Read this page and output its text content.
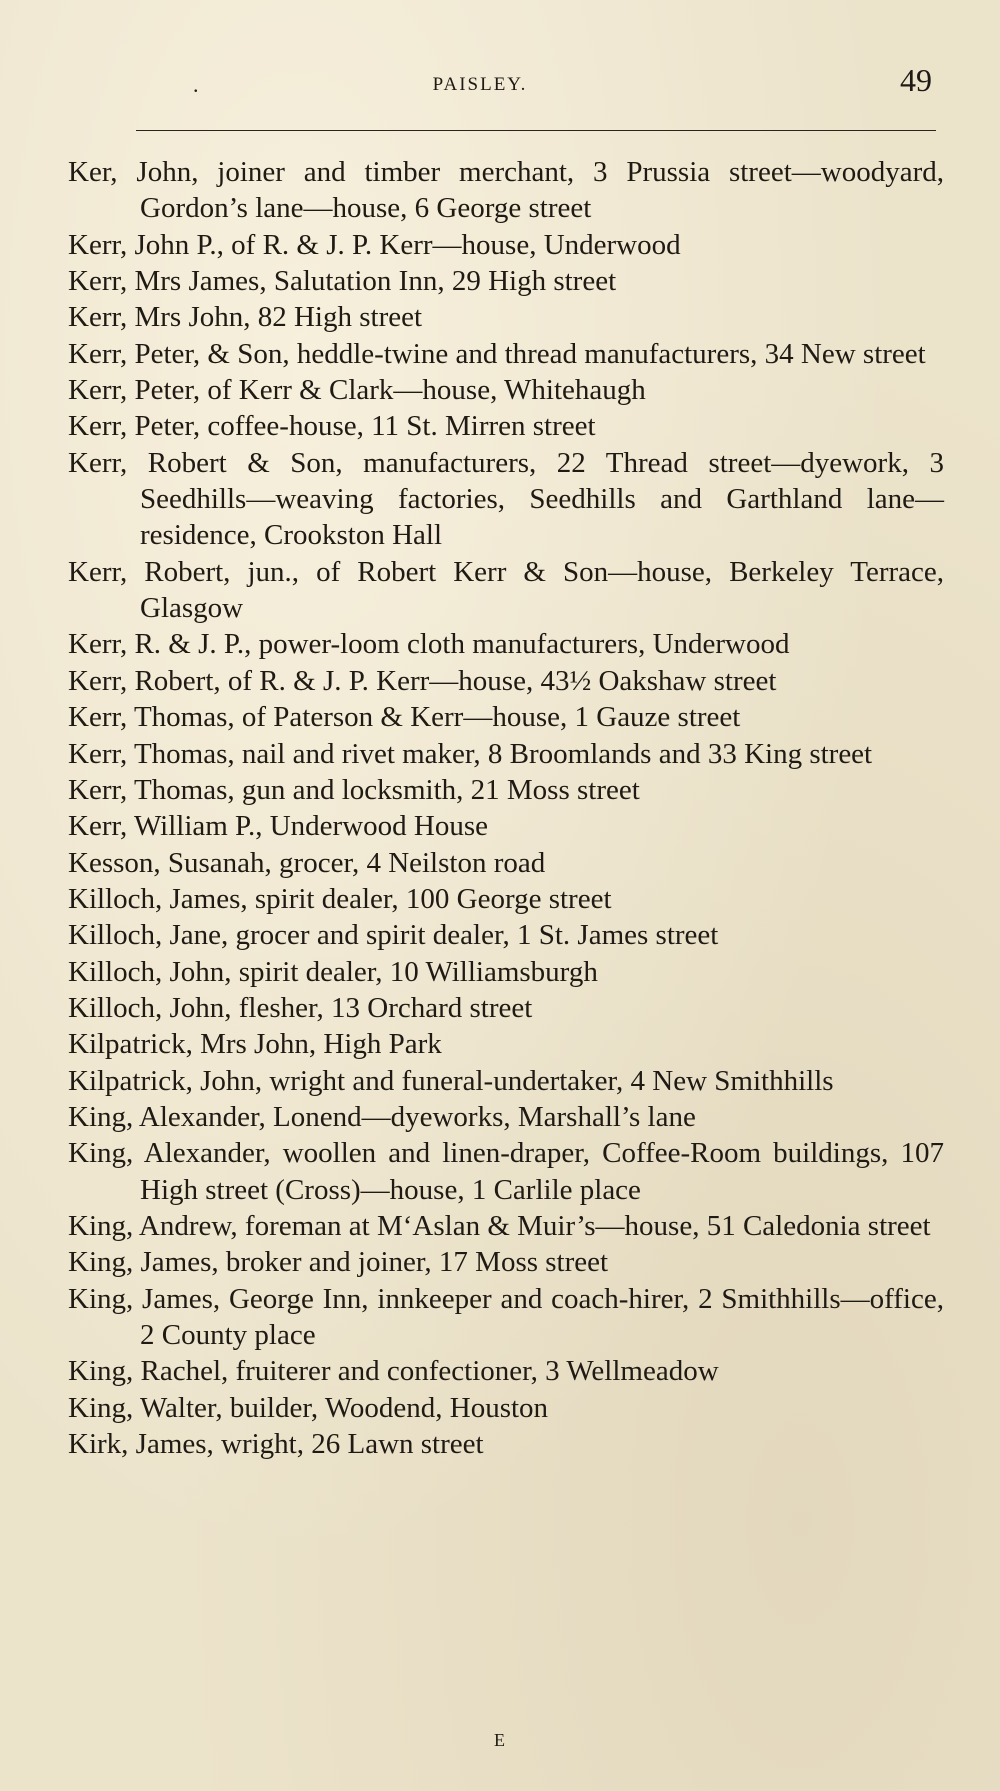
.	PAISLEY.	49
Ker, John, joiner and timber merchant, 3 Prussia street—woodyard, Gordon’s lane—house, 6 George street
Kerr, John P., of R. & J. P. Kerr—house, Underwood
Kerr, Mrs James, Salutation Inn, 29 High street
Kerr, Mrs John, 82 High street
Kerr, Peter, & Son, heddle-twine and thread manufacturers, 34 New street
Kerr, Peter, of Kerr & Clark—house, Whitehaugh
Kerr, Peter, coffee-house, 11 St. Mirren street
Kerr, Robert & Son, manufacturers, 22 Thread street—dyework, 3 Seedhills—weaving factories, Seedhills and Garthland lane—residence, Crookston Hall
Kerr, Robert, jun., of Robert Kerr & Son—house, Berkeley Terrace, Glasgow
Kerr, R. & J. P., power-loom cloth manufacturers, Underwood
Kerr, Robert, of R. & J. P. Kerr—house, 43½ Oakshaw street
Kerr, Thomas, of Paterson & Kerr—house, 1 Gauze street
Kerr, Thomas, nail and rivet maker, 8 Broomlands and 33 King street
Kerr, Thomas, gun and locksmith, 21 Moss street
Kerr, William P., Underwood House
Kesson, Susanah, grocer, 4 Neilston road
Killoch, James, spirit dealer, 100 George street
Killoch, Jane, grocer and spirit dealer, 1 St. James street
Killoch, John, spirit dealer, 10 Williamsburgh
Killoch, John, flesher, 13 Orchard street
Kilpatrick, Mrs John, High Park
Kilpatrick, John, wright and funeral-undertaker, 4 New Smithhills
King, Alexander, Lonend—dyeworks, Marshall’s lane
King, Alexander, woollen and linen-draper, Coffee-Room buildings, 107 High street (Cross)—house, 1 Carlile place
King, Andrew, foreman at M‘Aslan & Muir’s—house, 51 Caledonia street
King, James, broker and joiner, 17 Moss street
King, James, George Inn, innkeeper and coach-hirer, 2 Smithhills—office, 2 County place
King, Rachel, fruiterer and confectioner, 3 Wellmeadow
King, Walter, builder, Woodend, Houston
Kirk, James, wright, 26 Lawn street
E
